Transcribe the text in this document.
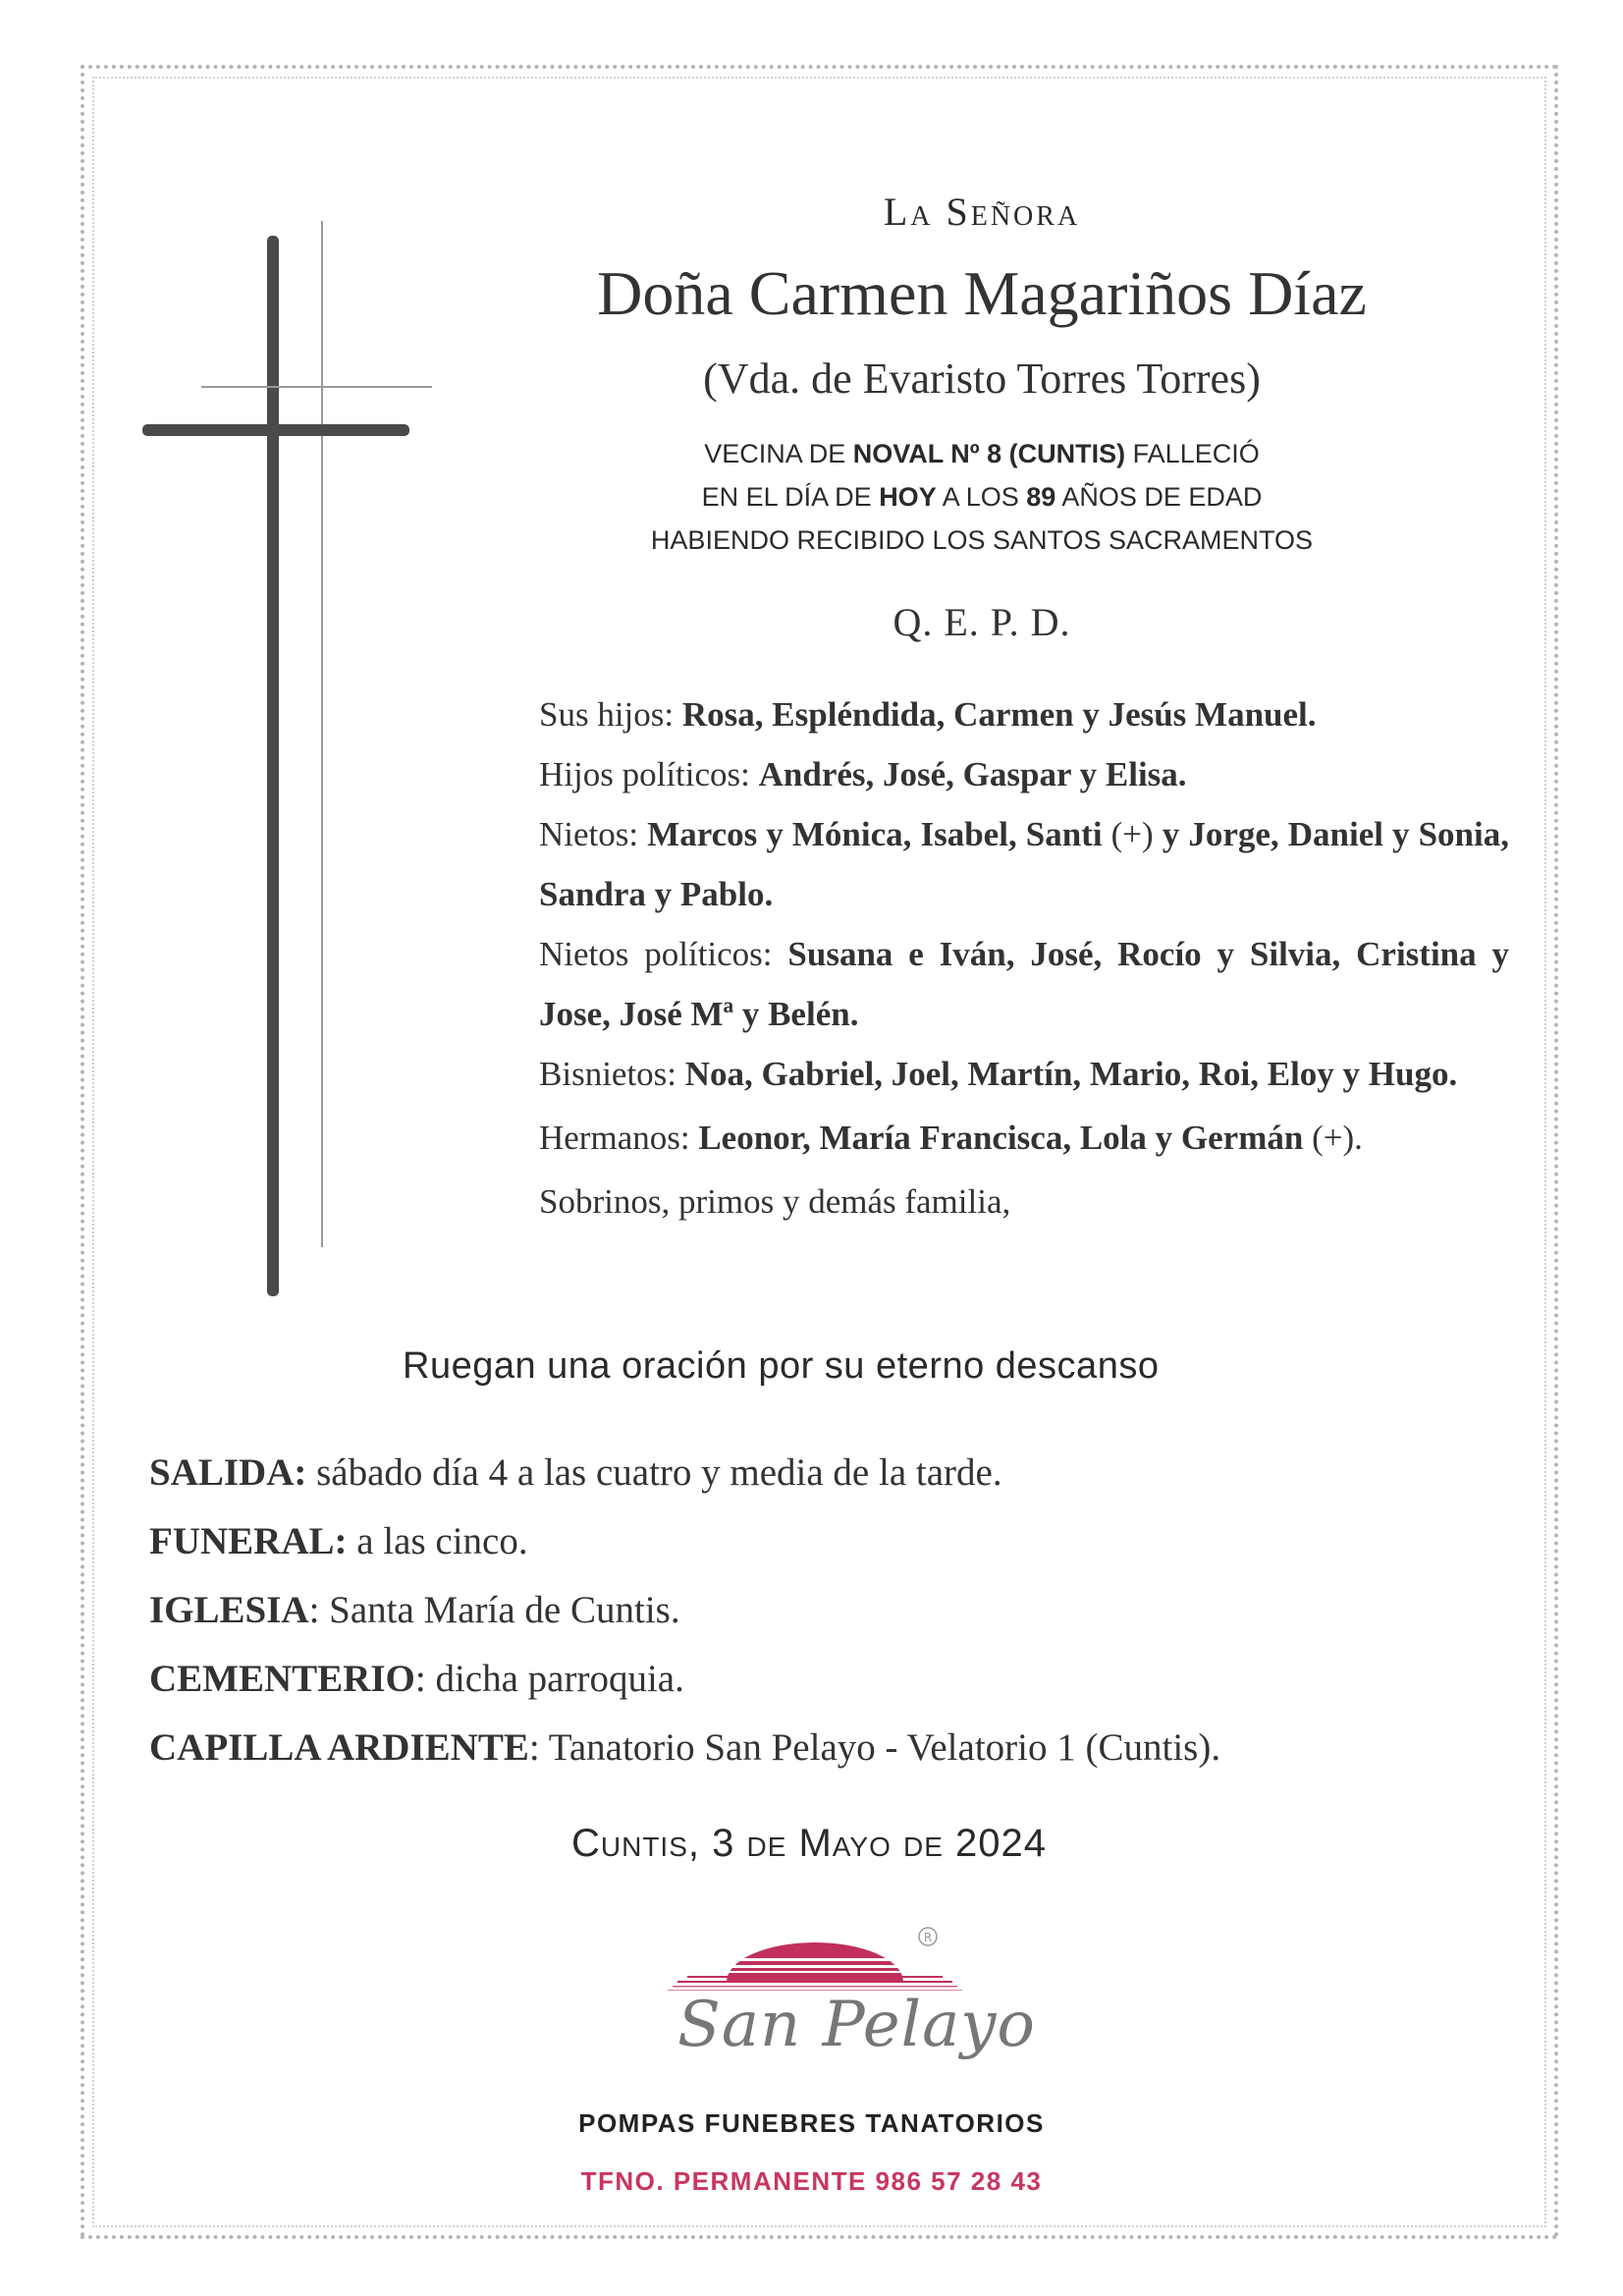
La Señora
Doña Carmen Magariños Díaz
(Vda. de Evaristo Torres Torres)
VECINA DE NOVAL Nº 8 (CUNTIS) FALLECIÓ
EN EL DÍA DE HOY A LOS 89 AÑOS DE EDAD
HABIENDO RECIBIDO LOS SANTOS SACRAMENTOS
Q. E. P. D.
Sus hijos: Rosa, Espléndida, Carmen y Jesús Manuel.
Hijos políticos: Andrés, José, Gaspar y Elisa.
Nietos: Marcos y Mónica, Isabel, Santi (+) y Jorge, Daniel y Sonia, Sandra y Pablo.
Nietos políticos: Susana e Iván, José, Rocío y Silvia, Cristina y Jose, José Mª y Belén.
Bisnietos: Noa, Gabriel, Joel, Martín, Mario, Roi, Eloy y Hugo.
Hermanos: Leonor, María Francisca, Lola y Germán (+).
Sobrinos, primos y demás familia,
Ruegan una oración por su eterno descanso
SALIDA: sábado día 4 a las cuatro y media de la tarde.
FUNERAL: a las cinco.
IGLESIA: Santa María de Cuntis.
CEMENTERIO: dicha parroquia.
CAPILLA ARDIENTE: Tanatorio San Pelayo - Velatorio 1 (Cuntis).
Cuntis, 3 de Mayo de 2024
R
San Pelayo
POMPAS FUNEBRES TANATORIOS
TFNO. PERMANENTE 986 57 28 43
